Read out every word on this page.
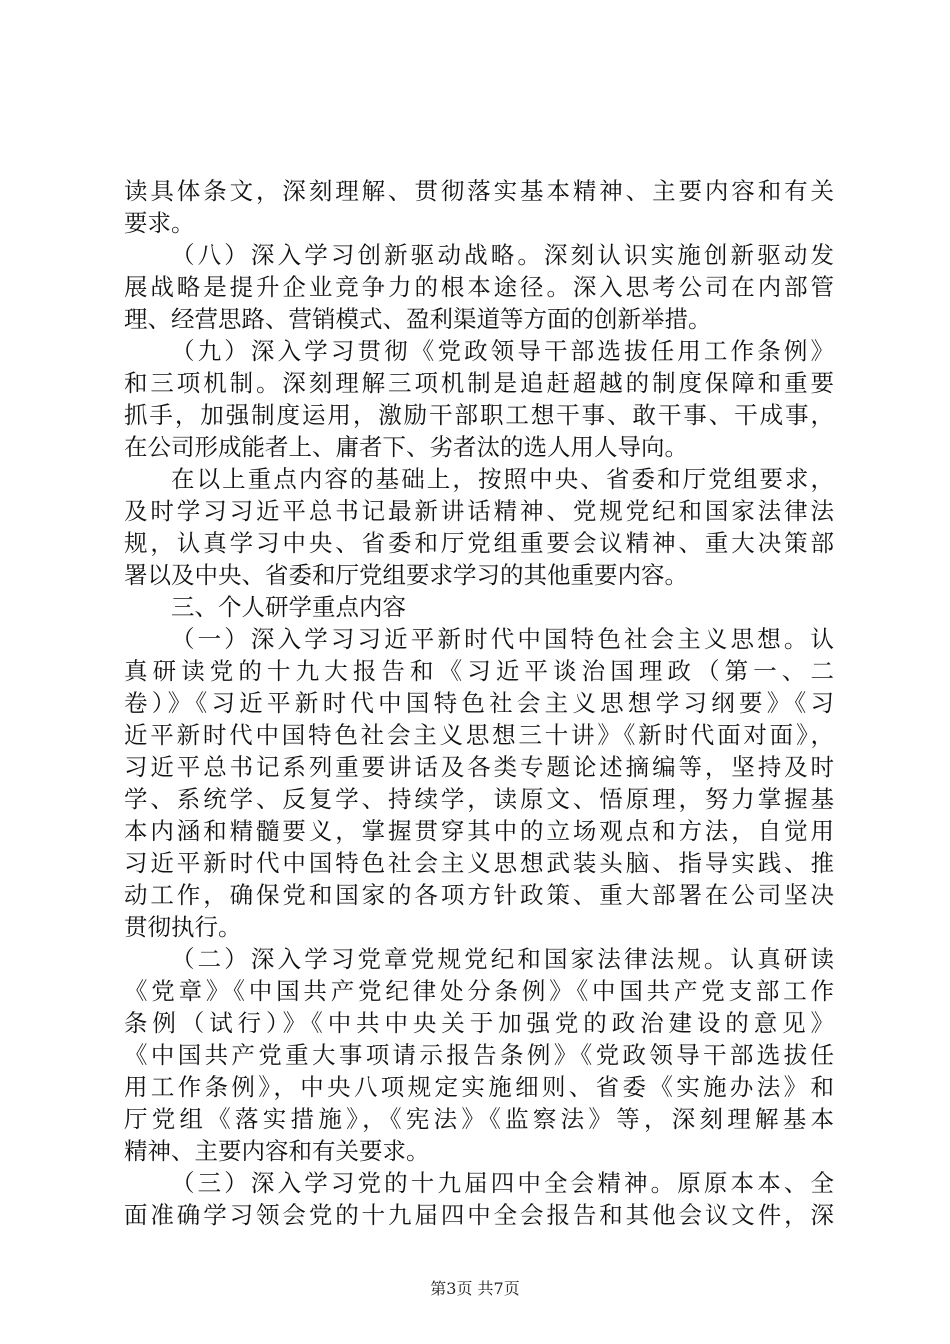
读具体条文，深刻理解、贯彻落实基本精神、主要内容和有关
要求。
（八）深入学习创新驱动战略。深刻认识实施创新驱动发
展战略是提升企业竞争力的根本途径。深入思考公司在内部管
理、经营思路、营销模式、盈利渠道等方面的创新举措。
（九）深入学习贯彻《党政领导干部选拔任用工作条例》
和三项机制。深刻理解三项机制是追赶超越的制度保障和重要
抓手，加强制度运用，激励干部职工想干事、敢干事、干成事，
在公司形成能者上、庸者下、劣者汰的选人用人导向。
在以上重点内容的基础上，按照中央、省委和厅党组要求，
及时学习习近平总书记最新讲话精神、党规党纪和国家法律法
规，认真学习中央、省委和厅党组重要会议精神、重大决策部
署以及中央、省委和厅党组要求学习的其他重要内容。
三、个人研学重点内容
（一）深入学习习近平新时代中国特色社会主义思想。认
真研读党的十九大报告和《习近平谈治国理政（第一、二
卷）》《习近平新时代中国特色社会主义思想学习纲要》《习
近平新时代中国特色社会主义思想三十讲》《新时代面对面》，
习近平总书记系列重要讲话及各类专题论述摘编等，坚持及时
学、系统学、反复学、持续学，读原文、悟原理，努力掌握基
本内涵和精髓要义，掌握贯穿其中的立场观点和方法，自觉用
习近平新时代中国特色社会主义思想武装头脑、指导实践、推
动工作，确保党和国家的各项方针政策、重大部署在公司坚决
贯彻执行。
（二）深入学习党章党规党纪和国家法律法规。认真研读
《党章》《中国共产党纪律处分条例》《中国共产党支部工作
条例（试行）》《中共中央关于加强党的政治建设的意见》
《中国共产党重大事项请示报告条例》《党政领导干部选拔任
用工作条例》，中央八项规定实施细则、省委《实施办法》和
厅党组《落实措施》，《宪法》《监察法》等，深刻理解基本
精神、主要内容和有关要求。
（三）深入学习党的十九届四中全会精神。原原本本、全
面准确学习领会党的十九届四中全会报告和其他会议文件，深
第3页 共7页
